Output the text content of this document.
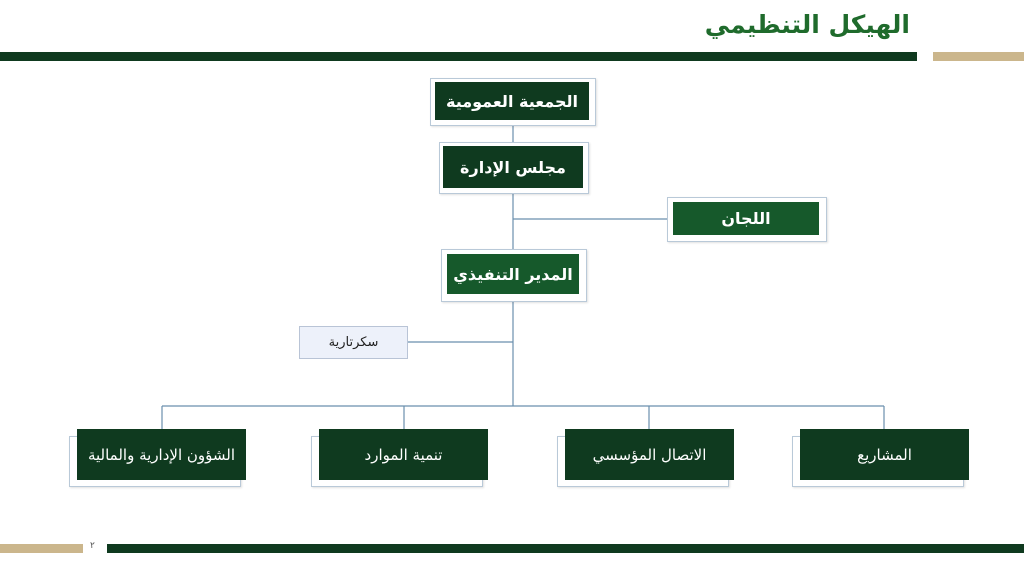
الهيكل التنظيمي
الجمعية العمومية
مجلس الإدارة
اللجان
المدير التنفيذي
سكرتارية
الشؤون الإدارية والمالية	تنمية الموارد	الاتصال المؤسسي	المشاريع
٢
